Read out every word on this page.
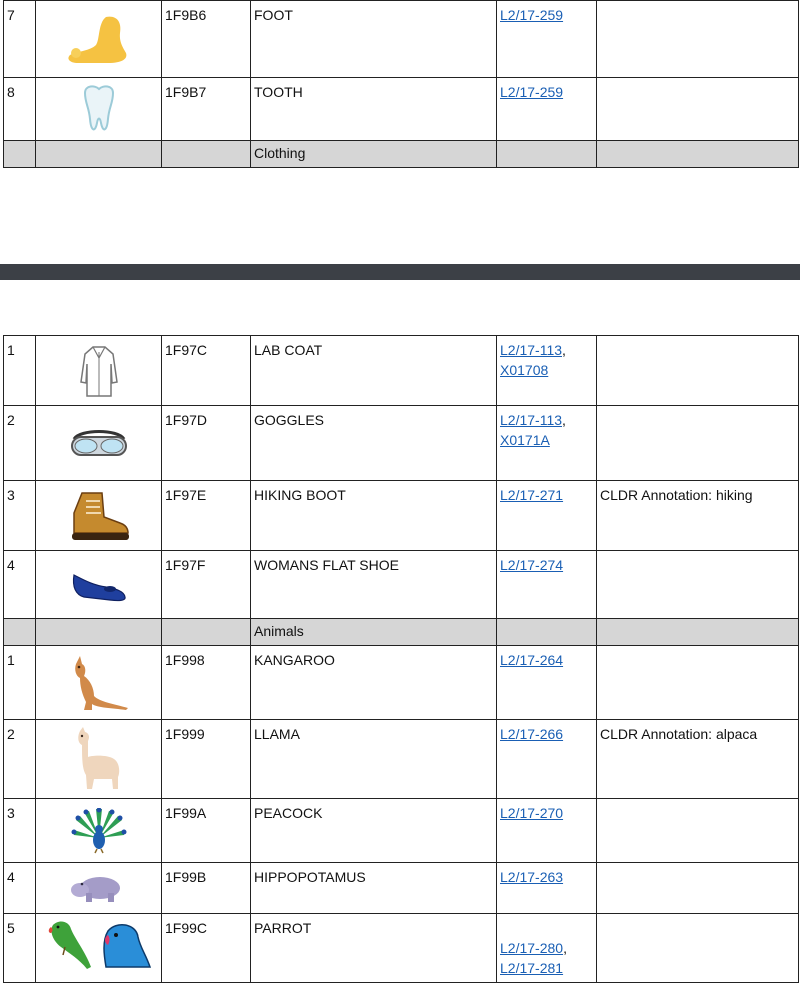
7		1F9B6	FOOT	L2/17-259	
8		1F9B7	TOOTH	L2/17-259	
			Clothing		
1		1F97C	LAB COAT	L2/17-113,
X01708	
2		1F97D	GOGGLES	L2/17-113,
X0171A	
3		1F97E	HIKING BOOT	L2/17-271	CLDR Annotation: hiking
4		1F97F	WOMANS FLAT SHOE	L2/17-274	
			Animals		
1		1F998	KANGAROO	L2/17-264	
2		1F999	LLAMA	L2/17-266	CLDR Annotation: alpaca
3		1F99A	PEACOCK	L2/17-270	
4		1F99B	HIPPOPOTAMUS	L2/17-263	
5		1F99C	PARROT	L2/17-280,
L2/17-281	
